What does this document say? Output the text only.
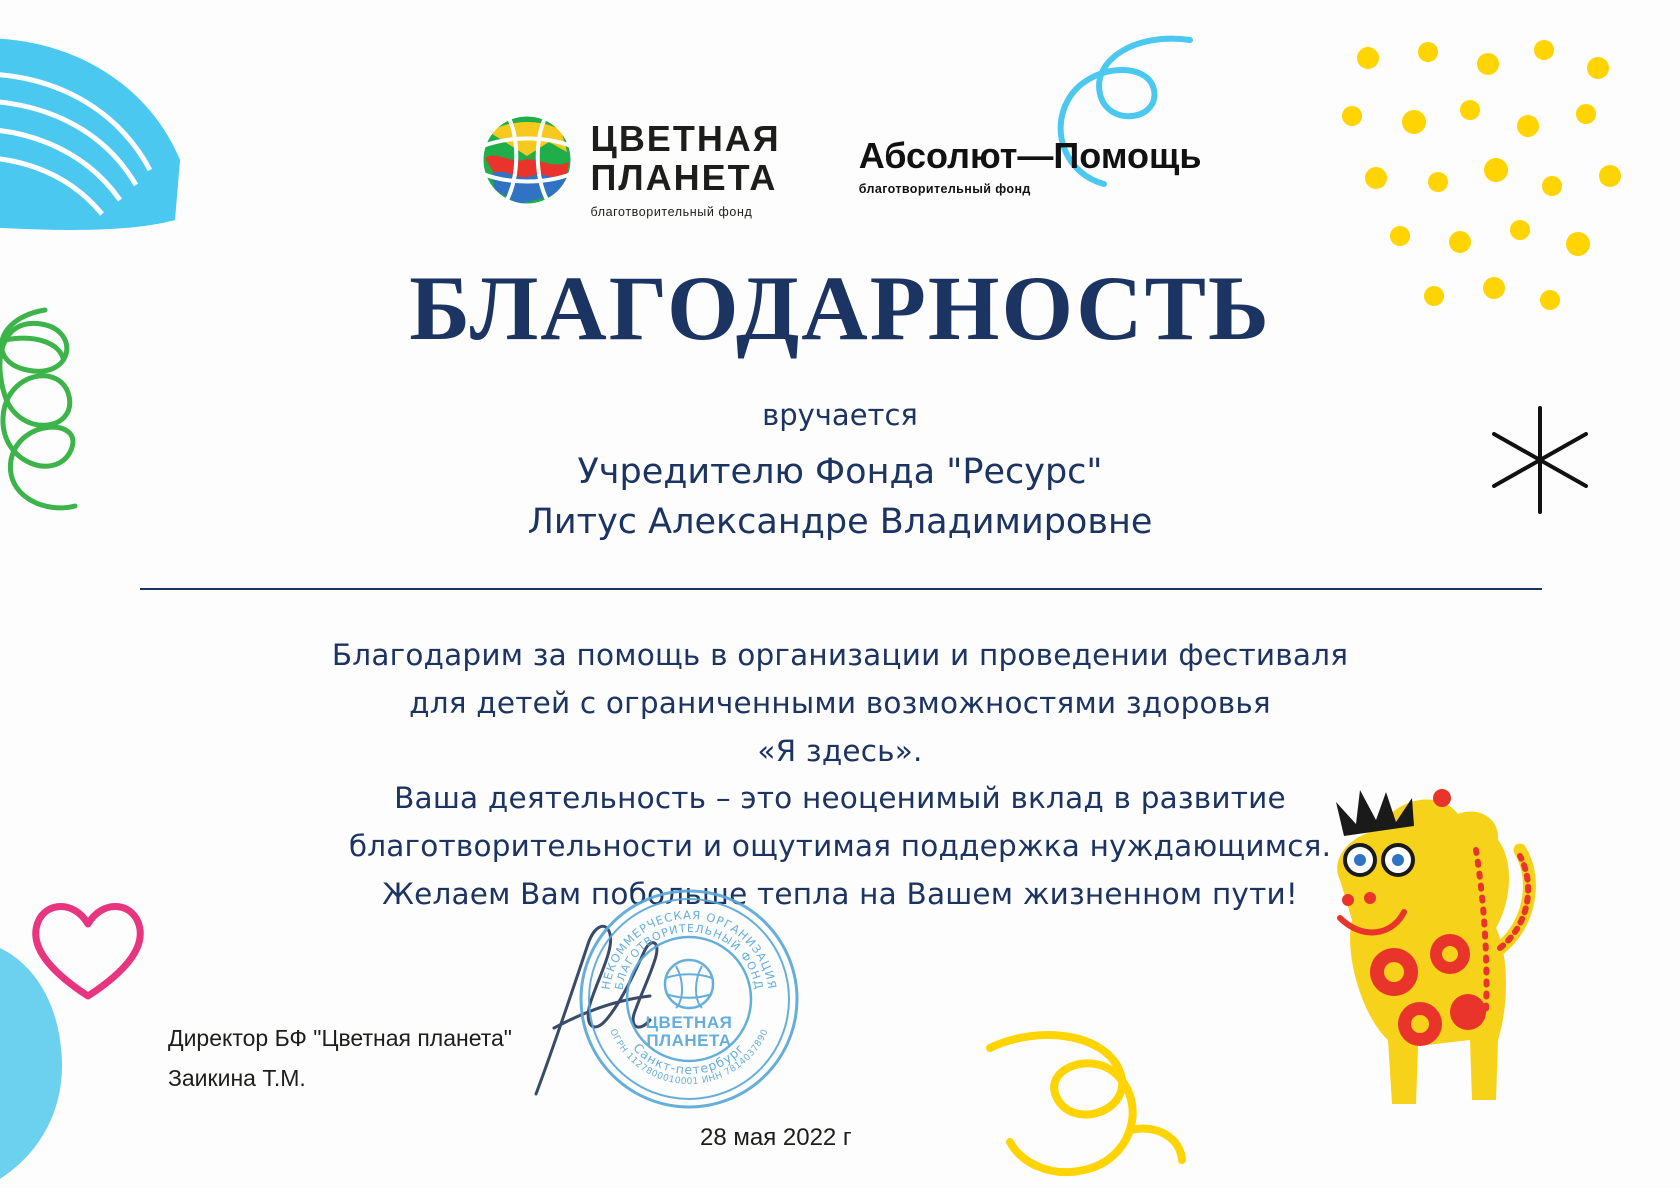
ЦВЕТНАЯ
ПЛАНЕТА
благотворительный фонд
Абсолют—Помощь
благотворительный фонд
БЛАГОДАРНОСТЬ
вручается
Учредителю Фонда "Ресурс"
Литус Александре Владимировне
Благодарим за помощь в организации и проведении фестиваля
для детей с ограниченными возможностями здоровья
«Я здесь».
Ваша деятельность – это неоценимый вклад в развитие
благотворительности и ощутимая поддержка нуждающимся.
Желаем Вам побольше тепла на Вашем жизненном пути!
Директор БФ "Цветная планета"
Заикина Т.М.
НЕКОММЕРЧЕСКАЯ ОРГАНИЗАЦИЯ
БЛАГОТВОРИТЕЛЬНЫЙ ФОНД
Санкт-петербург
ОГРН 1127800010001 ИНН 7814037890
ЦВЕТНАЯ
ПЛАНЕТА
28 мая 2022 г
